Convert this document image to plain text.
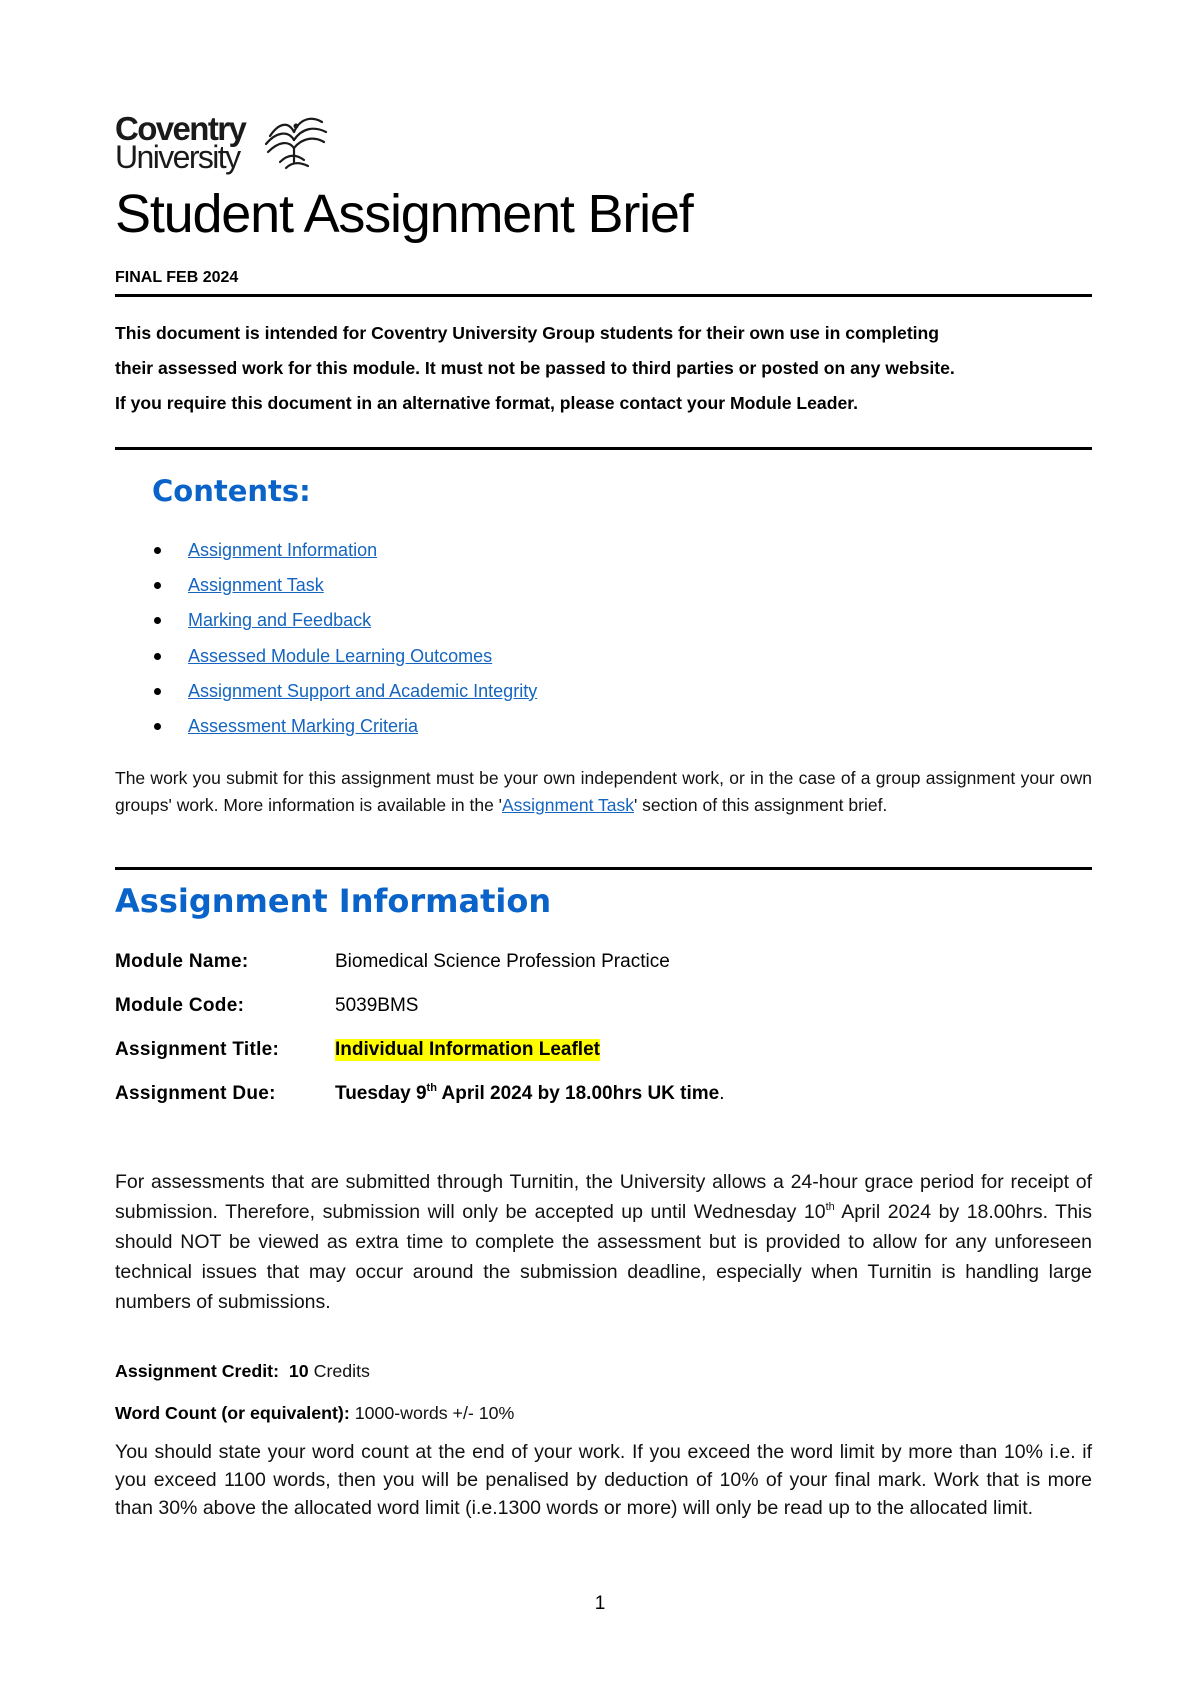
Coventry
University
Student Assignment Brief
FINAL FEB 2024

This document is intended for Coventry University Group students for their own use in completing

their assessed work for this module. It must not be passed to third parties or posted on any website.

If you require this document in an alternative format, please contact your Module Leader.

Contents:
Assignment Information
Assignment Task
Marking and Feedback
Assessed Module Learning Outcomes
Assignment Support and Academic Integrity
Assessment Marking Criteria
The work you submit for this assignment must be your own independent work, or in the case of a group assignment your own groups' work. More information is available in the 'Assignment Task' section of this assignment brief.
Assignment Information
Module Name:	Biomedical Science Profession Practice
Module Code:	5039BMS
Assignment Title:	Individual Information Leaflet
Assignment Due:	Tuesday 9th April 2024 by 18.00hrs UK time.
For assessments that are submitted through Turnitin, the University allows a 24-hour grace period for receipt of submission. Therefore, submission will only be accepted up until Wednesday 10th April 2024 by 18.00hrs. This should NOT be viewed as extra time to complete the assessment but is provided to allow for any unforeseen technical issues that may occur around the submission deadline, especially when Turnitin is handling large numbers of submissions.
Assignment Credit: 10 Credits
Word Count (or equivalent): 1000-words +/- 10%
You should state your word count at the end of your work. If you exceed the word limit by more than 10% i.e. if you exceed 1100 words, then you will be penalised by deduction of 10% of your final mark. Work that is more than 30% above the allocated word limit (i.e.1300 words or more) will only be read up to the allocated limit.
1
